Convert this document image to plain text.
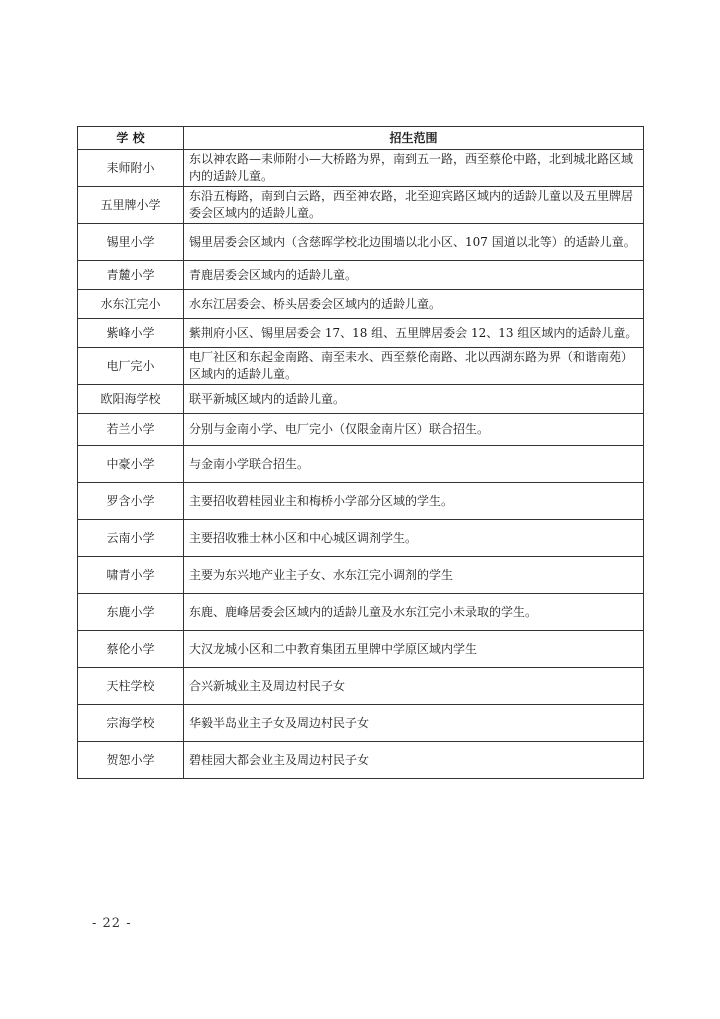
学 校	招生范围
耒师附小	东以神农路—耒师附小—大桥路为界，南到五一路，西至蔡伦中路，北到城北路区域内的适龄儿童。
五里牌小学	东沿五梅路，南到白云路，西至神农路，北至迎宾路区域内的适龄儿童以及五里牌居委会区域内的适龄儿童。
锡里小学	锡里居委会区域内（含慈晖学校北边围墙以北小区、107 国道以北等）的适龄儿童。
青麓小学	青鹿居委会区域内的适龄儿童。
水东江完小	水东江居委会、桥头居委会区域内的适龄儿童。
紫峰小学	紫荆府小区、锡里居委会 17、18 组、五里牌居委会 12、13 组区域内的适龄儿童。
电厂完小	电厂社区和东起金南路、南至耒水、西至蔡伦南路、北以西湖东路为界（和谐南苑）区域内的适龄儿童。
欧阳海学校	联平新城区域内的适龄儿童。
若兰小学	分别与金南小学、电厂完小（仅限金南片区）联合招生。
中豪小学	与金南小学联合招生。
罗含小学	主要招收碧桂园业主和梅桥小学部分区域的学生。
云南小学	主要招收雅士林小区和中心城区调剂学生。
啸青小学	主要为东兴地产业主子女、水东江完小调剂的学生
东鹿小学	东鹿、鹿峰居委会区域内的适龄儿童及水东江完小未录取的学生。
蔡伦小学	大汉龙城小区和二中教育集团五里牌中学原区域内学生
天柱学校	合兴新城业主及周边村民子女
宗海学校	华毅半岛业主子女及周边村民子女
贺恕小学	碧桂园大都会业主及周边村民子女
- 22 -
